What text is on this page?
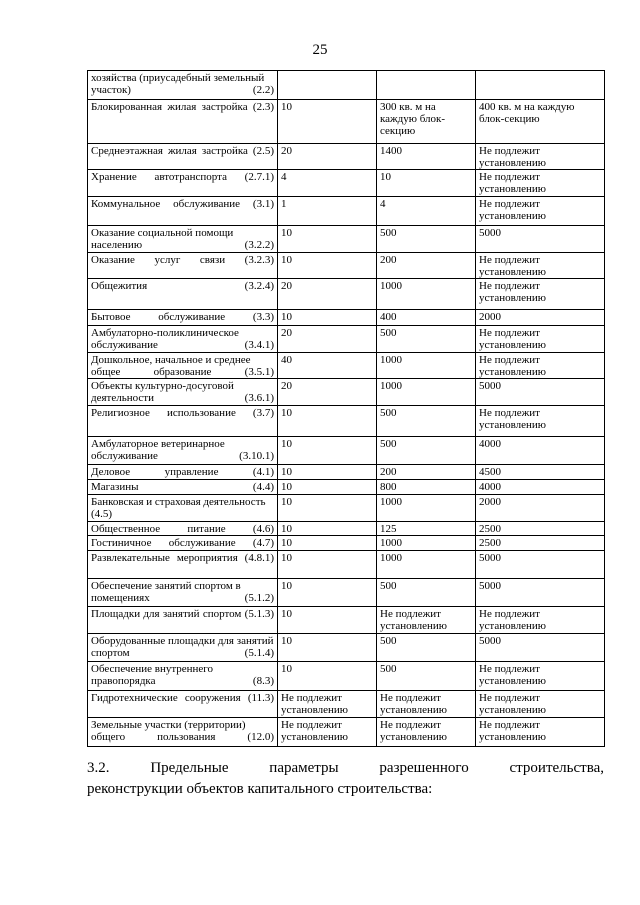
25
хозяйства (приусадебный земельный участок) (2.2)			
Блокированная жилая застройка (2.3)	10	300 кв. м на каждую блок-секцию	400 кв. м на каждую блок-секцию
Среднеэтажная жилая застройка (2.5)	20	1400	Не подлежит установлению
Хранение автотранспорта (2.7.1)	4	10	Не подлежит установлению
Коммунальное обслуживание (3.1)	1	4	Не подлежит установлению
Оказание социальной помощи населению (3.2.2)	10	500	5000
Оказание услуг связи (3.2.3)	10	200	Не подлежит установлению
Общежития (3.2.4)	20	1000	Не подлежит установлению
Бытовое обслуживание (3.3)	10	400	2000
Амбулаторно-поликлиническое обслуживание (3.4.1)	20	500	Не подлежит установлению
Дошкольное, начальное и среднее общее образование (3.5.1)	40	1000	Не подлежит установлению
Объекты культурно-досуговой деятельности (3.6.1)	20	1000	5000
Религиозное использование (3.7)	10	500	Не подлежит установлению
Амбулаторное ветеринарное обслуживание (3.10.1)	10	500	4000
Деловое управление (4.1)	10	200	4500
Магазины (4.4)	10	800	4000
Банковская и страховая деятельность (4.5)	10	1000	2000
Общественное питание (4.6)	10	125	2500
Гостиничное обслуживание (4.7)	10	1000	2500
Развлекательные мероприятия (4.8.1)	10	1000	5000
Обеспечение занятий спортом в помещениях (5.1.2)	10	500	5000
Площадки для занятий спортом (5.1.3)	10	Не подлежит установлению	Не подлежит установлению
Оборудованные площадки для занятий спортом (5.1.4)	10	500	5000
Обеспечение внутреннего правопорядка (8.3)	10	500	Не подлежит установлению
Гидротехнические сооружения (11.3)	Не подлежит установлению	Не подлежит установлению	Не подлежит установлению
Земельные участки (территории) общего пользования (12.0)	Не подлежит установлению	Не подлежит установлению	Не подлежит установлению
3.2. Предельные параметры разрешенного строительства,
реконструкции объектов капитального строительства:
